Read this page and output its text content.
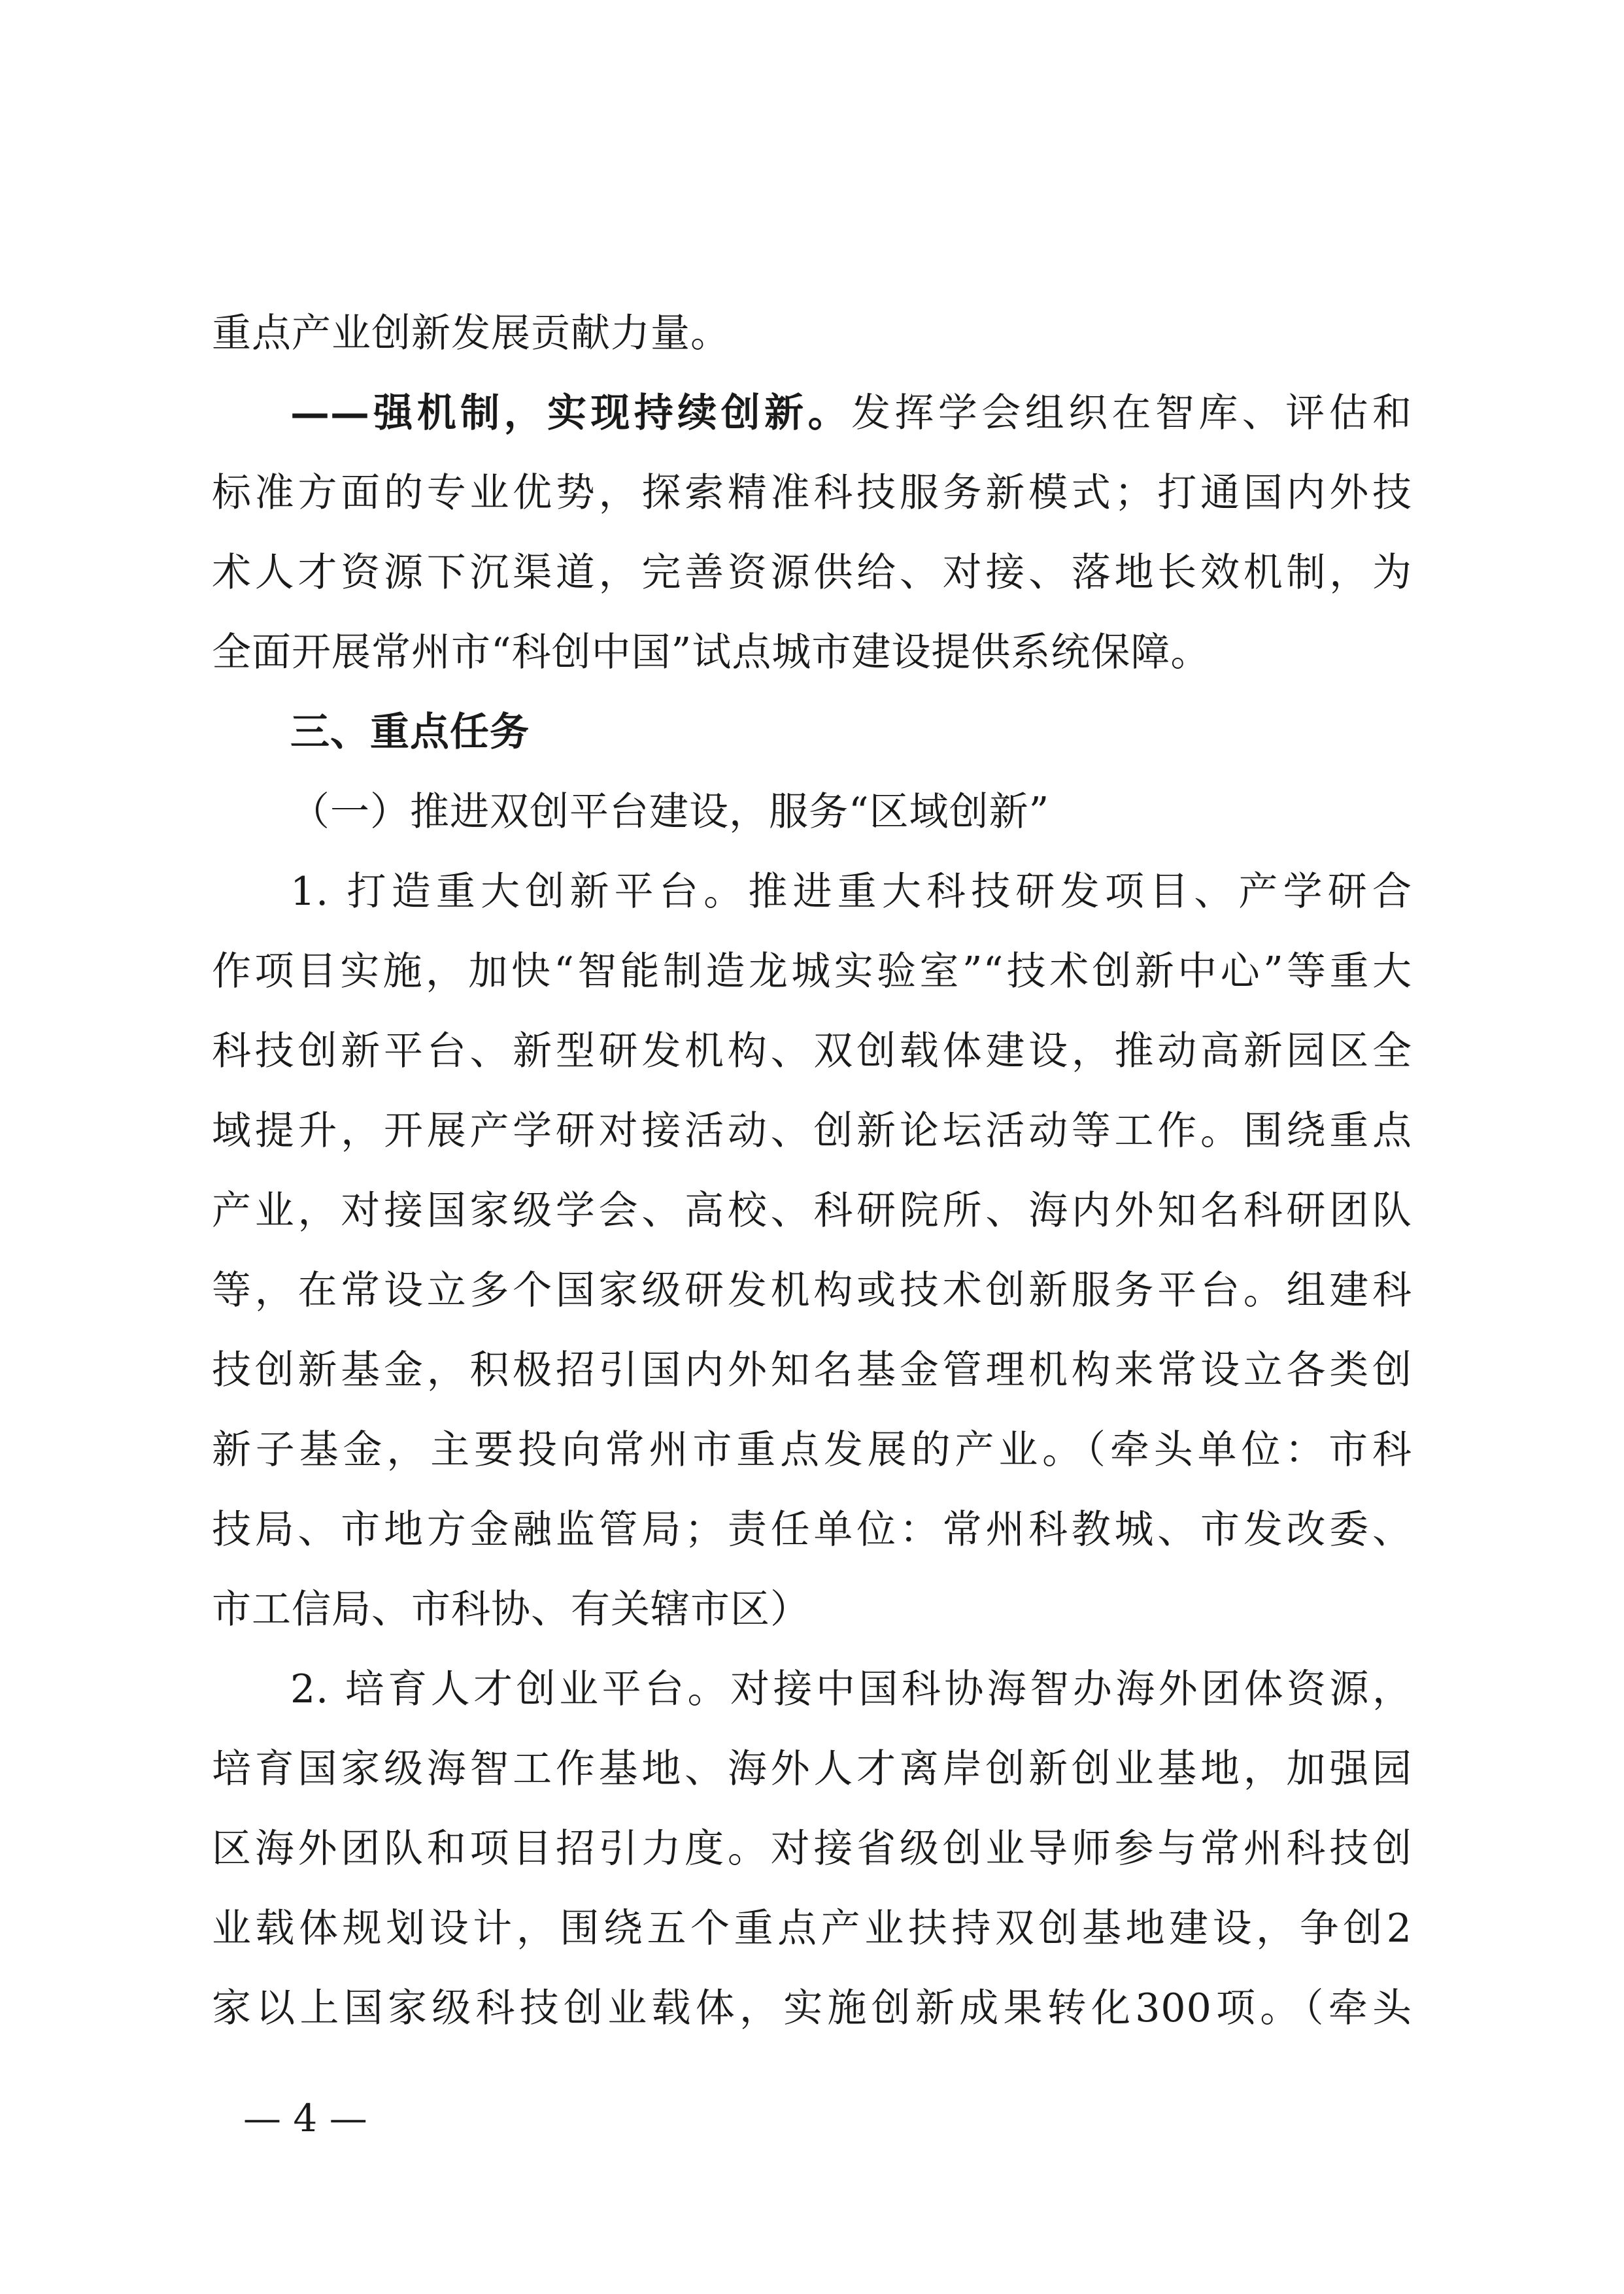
重点产业创新发展贡献力量。
——强机制，实现持续创新。发挥学会组织在智库、评估和
标准方面的专业优势，探索精准科技服务新模式；打通国内外技
术人才资源下沉渠道，完善资源供给、对接、落地长效机制，为
全面开展常州市“科创中国”试点城市建设提供系统保障。
三、重点任务
（一）推进双创平台建设，服务“区域创新”
1. 打造重大创新平台。推进重大科技研发项目、产学研合
作项目实施，加快“智能制造龙城实验室”“技术创新中心”等重大
科技创新平台、新型研发机构、双创载体建设，推动高新园区全
域提升，开展产学研对接活动、创新论坛活动等工作。围绕重点
产业，对接国家级学会、高校、科研院所、海内外知名科研团队
等，在常设立多个国家级研发机构或技术创新服务平台。组建科
技创新基金，积极招引国内外知名基金管理机构来常设立各类创
新子基金，主要投向常州市重点发展的产业。（牵头单位：市科
技局、市地方金融监管局；责任单位：常州科教城、市发改委、
市工信局、市科协、有关辖市区）
2. 培育人才创业平台。对接中国科协海智办海外团体资源，
培育国家级海智工作基地、海外人才离岸创新创业基地，加强园
区海外团队和项目招引力度。对接省级创业导师参与常州科技创
业载体规划设计，围绕五个重点产业扶持双创基地建设，争创2
家以上国家级科技创业载体，实施创新成果转化300项。（牵头
— 4 —
